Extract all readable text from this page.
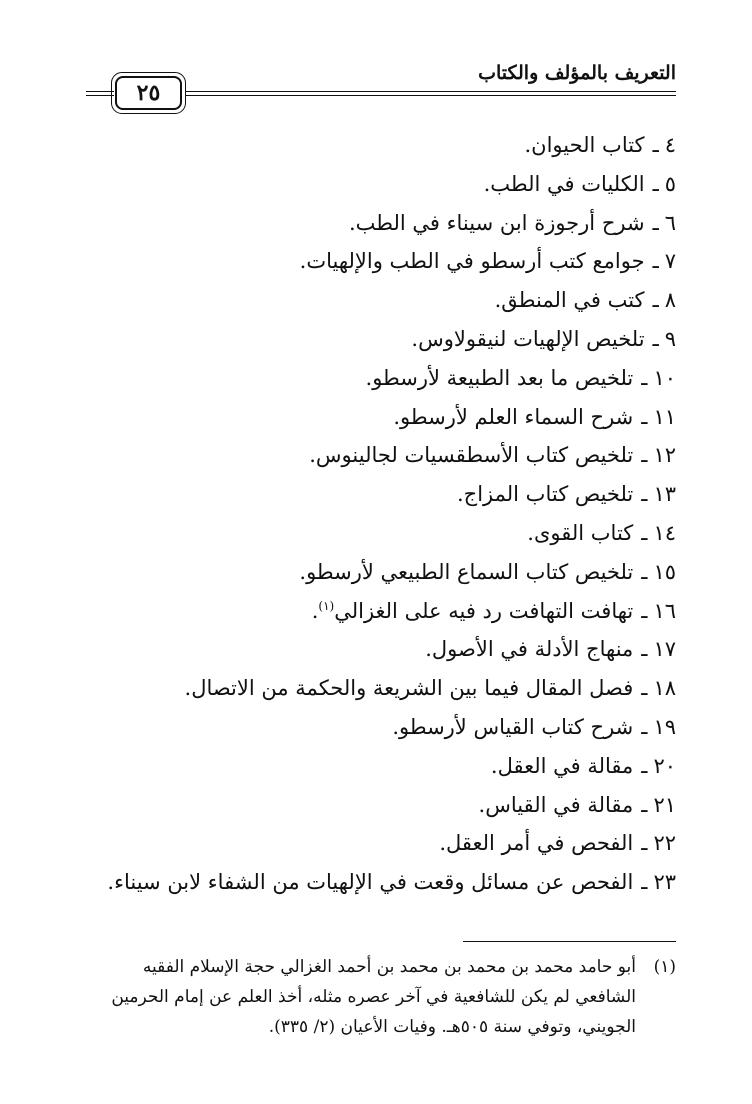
التعريف بالمؤلف والكتاب
٢٥
٤ـكتاب الحيوان.
٥ـالكليات في الطب.
٦ـشرح أرجوزة ابن سيناء في الطب.
٧ـجوامع كتب أرسطو في الطب والإلهيات.
٨ـكتب في المنطق.
٩ـتلخيص الإلهيات لنيقولاوس.
١٠ـتلخيص ما بعد الطبيعة لأرسطو.
١١ـشرح السماء العلم لأرسطو.
١٢ـتلخيص كتاب الأسطقسيات لجالينوس.
١٣ـتلخيص كتاب المزاج.
١٤ـكتاب القوى.
١٥ـتلخيص كتاب السماع الطبيعي لأرسطو.
١٦ـتهافت التهافت رد فيه على الغزالي$^{(١)}$.
١٧ـمنهاج الأدلة في الأصول.
١٨ـفصل المقال فيما بين الشريعة والحكمة من الاتصال.
١٩ـشرح كتاب القياس لأرسطو.
٢٠ـمقالة في العقل.
٢١ـمقالة في القياس.
٢٢ـالفحص في أمر العقل.
٢٣ـالفحص عن مسائل وقعت في الإلهيات من الشفاء لابن سيناء.
(١)
أبو حامد محمد بن محمد بن محمد بن أحمد الغزالي حجة الإسلام الفقيه
الشافعي لم يكن للشافعية في آخر عصره مثله، أخذ العلم عن إمام الحرمين
الجويني، وتوفي سنة ٥٠٥هـ. وفيات الأعيان (٢/ ٣٣٥).
